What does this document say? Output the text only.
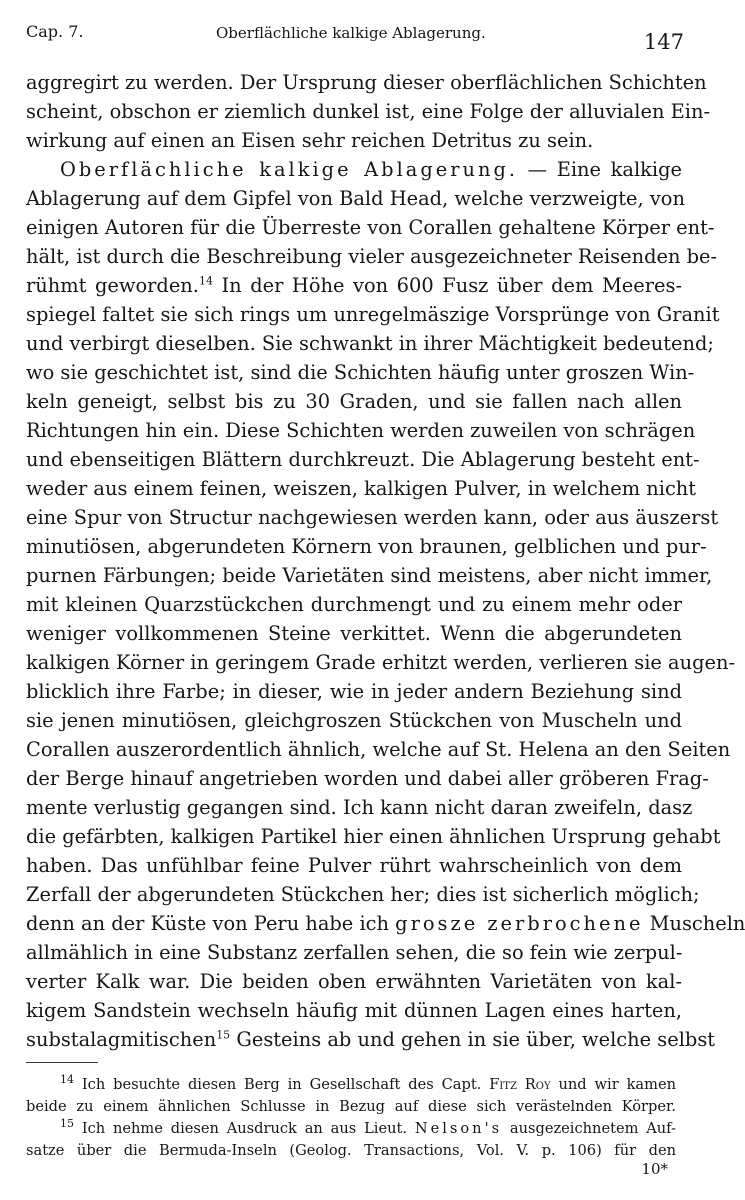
Cap. 7.	Oberflächliche kalkige Ablagerung.	147
aggregirt zu werden. Der Ursprung dieser oberflächlichen Schichten
scheint, obschon er ziemlich dunkel ist, eine Folge der alluvialen Ein-
wirkung auf einen an Eisen sehr reichen Detritus zu sein.
Oberflächliche kalkige Ablagerung. — Eine kalkige
Ablagerung auf dem Gipfel von Bald Head, welche verzweigte, von
einigen Autoren für die Überreste von Corallen gehaltene Körper ent-
hält, ist durch die Beschreibung vieler ausgezeichneter Reisenden be-
rühmt geworden.$^{14}$ In der Höhe von 600 Fusz über dem Meeres-
spiegel faltet sie sich rings um unregelmäszige Vorsprünge von Granit
und verbirgt dieselben. Sie schwankt in ihrer Mächtigkeit bedeutend;
wo sie geschichtet ist, sind die Schichten häufig unter groszen Win-
keln geneigt, selbst bis zu 30 Graden, und sie fallen nach allen
Richtungen hin ein. Diese Schichten werden zuweilen von schrägen
und ebenseitigen Blättern durchkreuzt. Die Ablagerung besteht ent-
weder aus einem feinen, weiszen, kalkigen Pulver, in welchem nicht
eine Spur von Structur nachgewiesen werden kann, oder aus äuszerst
minutiösen, abgerundeten Körnern von braunen, gelblichen und pur-
purnen Färbungen; beide Varietäten sind meistens, aber nicht immer,
mit kleinen Quarzstückchen durchmengt und zu einem mehr oder
weniger vollkommenen Steine verkittet. Wenn die abgerundeten
kalkigen Körner in geringem Grade erhitzt werden, verlieren sie augen-
blicklich ihre Farbe; in dieser, wie in jeder andern Beziehung sind
sie jenen minutiösen, gleichgroszen Stückchen von Muscheln und
Corallen auszerordentlich ähnlich, welche auf St. Helena an den Seiten
der Berge hinauf angetrieben worden und dabei aller gröberen Frag-
mente verlustig gegangen sind. Ich kann nicht daran zweifeln, dasz
die gefärbten, kalkigen Partikel hier einen ähnlichen Ursprung gehabt
haben. Das unfühlbar feine Pulver rührt wahrscheinlich von dem
Zerfall der abgerundeten Stückchen her; dies ist sicherlich möglich;
denn an der Küste von Peru habe ich grosze zerbrochene Muscheln
allmählich in eine Substanz zerfallen sehen, die so fein wie zerpul-
verter Kalk war. Die beiden oben erwähnten Varietäten von kal-
kigem Sandstein wechseln häufig mit dünnen Lagen eines harten,
substalagmitischen$^{15}$ Gesteins ab und gehen in sie über, welche selbst
$^{14}$ Ich besuchte diesen Berg in Gesellschaft des Capt. Fitz Roy und wir kamen
beide zu einem ähnlichen Schlusse in Bezug auf diese sich verästelnden Körper.
$^{15}$ Ich nehme diesen Ausdruck an aus Lieut. Nelson's ausgezeichnetem Auf-
satze über die Bermuda-Inseln (Geolog. Transactions, Vol. V. p. 106) für den
10*
